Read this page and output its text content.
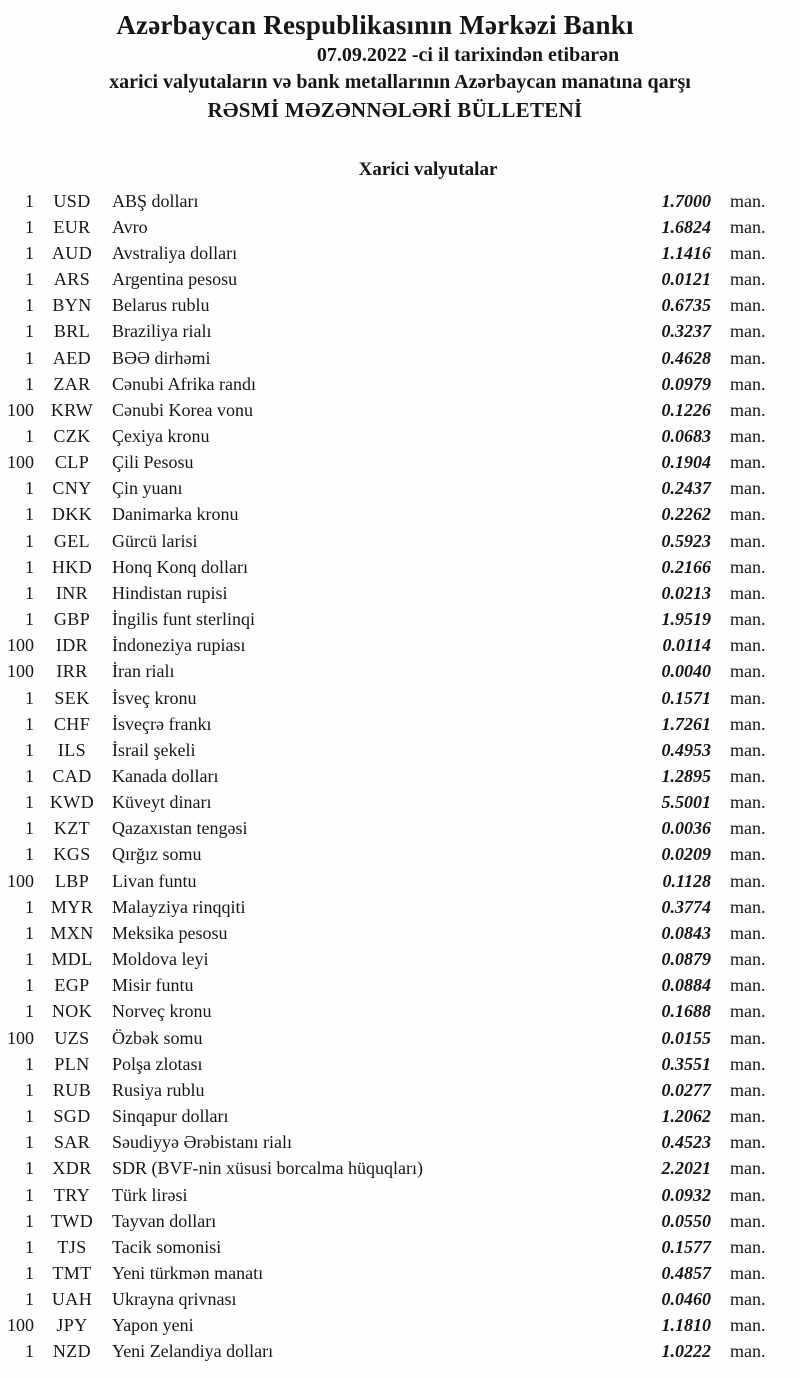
Azərbaycan Respublikasının Mərkəzi Bankı
07.09.2022 -ci il tarixindən etibarən
xarici valyutaların və bank metallarının Azərbaycan manatına qarşı
RƏSMİ MƏZƏNNƏLƏRİ BÜLLETENİ
Xarici valyutalar
1	USD	ABŞ dolları	1.7000 man.
1	EUR	Avro	1.6824 man.
1 AUD	Avstraliya dolları	1.1416 man.
1	ARS	Argentina pesosu	0.0121 man.
1	BYN	Belarus rublu	0.6735 man.
1	BRL	Braziliya rialı	0.3237 man.
1	AED	BƏƏ dirhəmi	0.4628 man.
1	ZAR	Cənubi Afrika randı	0.0979 man.
100 KRW	Cənubi Korea vonu	0.1226 man.
1	CZK	Çexiya kronu	0.0683 man.
100	CLP	Çili Pesosu	0.1904 man.
1	CNY	Çin yuanı	0.2437 man.
1 DKK	Danimarka kronu	0.2262 man.
1	GEL	Gürcü larisi	0.5923 man.
1 HKD	Honq Konq dolları	0.2166 man.
1	INR	Hindistan rupisi	0.0213 man.
1	GBP	İngilis funt sterlinqi	1.9519 man.
100	IDR	İndoneziya rupiası	0.0114 man.
100	IRR	İran rialı	0.0040 man.
1	SEK	İsveç kronu	0.1571 man.
1	CHF	İsveçrə frankı	1.7261 man.
1	ILS	İsrail şekeli	0.4953 man.
1	CAD	Kanada dolları	1.2895 man.
1 KWD Küveyt dinarı	5.5001 man.
1	KZT	Qazaxıstan tengəsi	0.0036 man.
1	KGS	Qırğız somu	0.0209 man.
100	LBP	Livan funtu	0.1128 man.
1 MYR	Malayziya rinqqiti	0.3774 man.
1 MXN	Meksika pesosu	0.0843 man.
1 MDL	Moldova leyi	0.0879 man.
1	EGP	Misir funtu	0.0884 man.
1 NOK	Norveç kronu	0.1688 man.
100	UZS	Özbək somu	0.0155 man.
1	PLN	Polşa zlotası	0.3551 man.
1	RUB	Rusiya rublu	0.0277 man.
1	SGD	Sinqapur dolları	1.2062 man.
1	SAR	Səudiyyə Ərəbistanı rialı	0.4523 man.
1	XDR	SDR (BVF-nin xüsusi borcalma hüquqları)	2.2021 man.
1	TRY	Türk lirəsi	0.0932 man.
1 TWD	Tayvan dolları	0.0550 man.
1	TJS	Tacik somonisi	0.1577 man.
1	TMT	Yeni türkmən manatı	0.4857 man.
1 UAH	Ukrayna qrivnası	0.0460 man.
100	JPY	Yapon yeni	1.1810 man.
1	NZD	Yeni Zelandiya dolları	1.0222 man.
